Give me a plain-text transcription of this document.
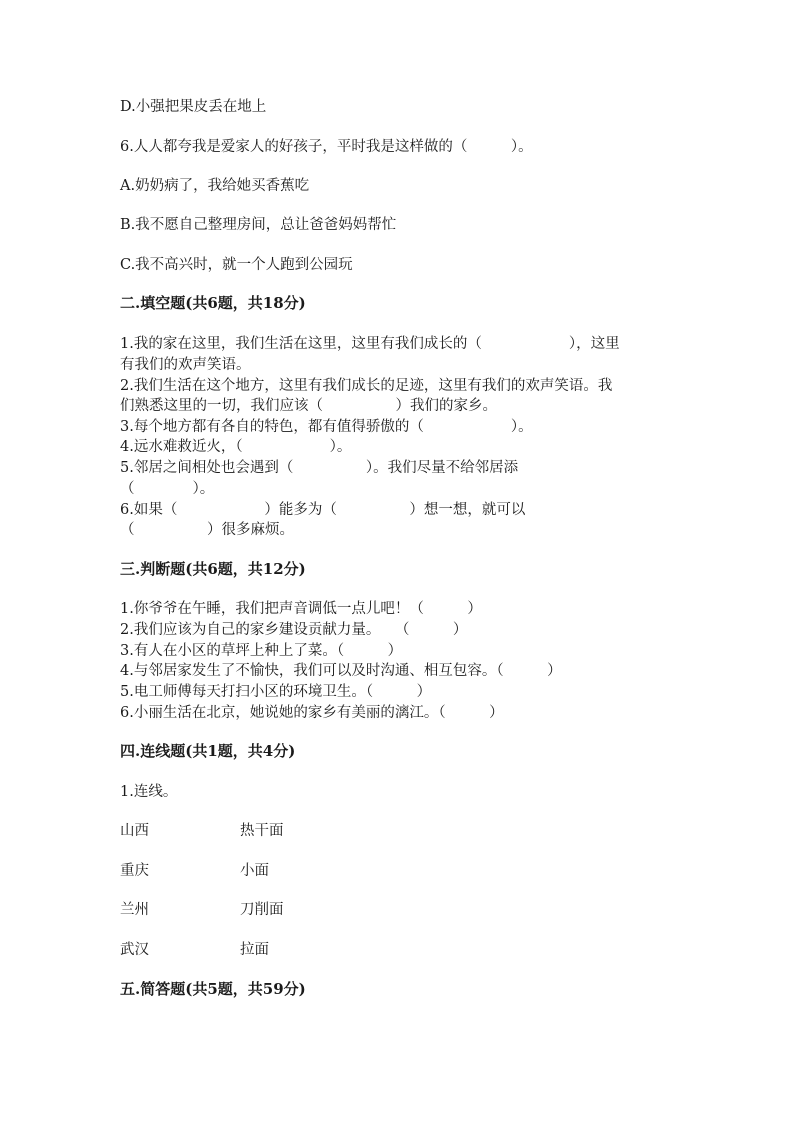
D.小强把果皮丢在地上
6.人人都夸我是爱家人的好孩子，平时我是这样做的（　　　）。
A.奶奶病了，我给她买香蕉吃
B.我不愿自己整理房间，总让爸爸妈妈帮忙
C.我不高兴时，就一个人跑到公园玩
二.填空题(共6题，共18分)
1.我的家在这里，我们生活在这里，这里有我们成长的（　　　　　　），这里
有我们的欢声笑语。
2.我们生活在这个地方，这里有我们成长的足迹，这里有我们的欢声笑语。我
们熟悉这里的一切，我们应该（　　　　　）我们的家乡。
3.每个地方都有各自的特色，都有值得骄傲的（　　　　　　）。
4.远水难救近火，（　　　　　　）。
5.邻居之间相处也会遇到（　　　　　）。我们尽量不给邻居添
（　　　　）。
6.如果（　　　　　　）能多为（　　　　　）想一想，就可以
（　　　　　）很多麻烦。
三.判断题(共6题，共12分)
1.你爷爷在午睡，我们把声音调低一点儿吧！（　　　）
2.我们应该为自己的家乡建设贡献力量。　　（　　　）
3.有人在小区的草坪上种上了菜。（　　　）
4.与邻居家发生了不愉快，我们可以及时沟通、相互包容。（　　　）
5.电工师傅每天打扫小区的环境卫生。（　　　）
6.小丽生活在北京，她说她的家乡有美丽的漓江。（　　　）
四.连线题(共1题，共4分)
1.连线。
山西	热干面
重庆	小面
兰州	刀削面
武汉	拉面
五.简答题(共5题，共59分)
